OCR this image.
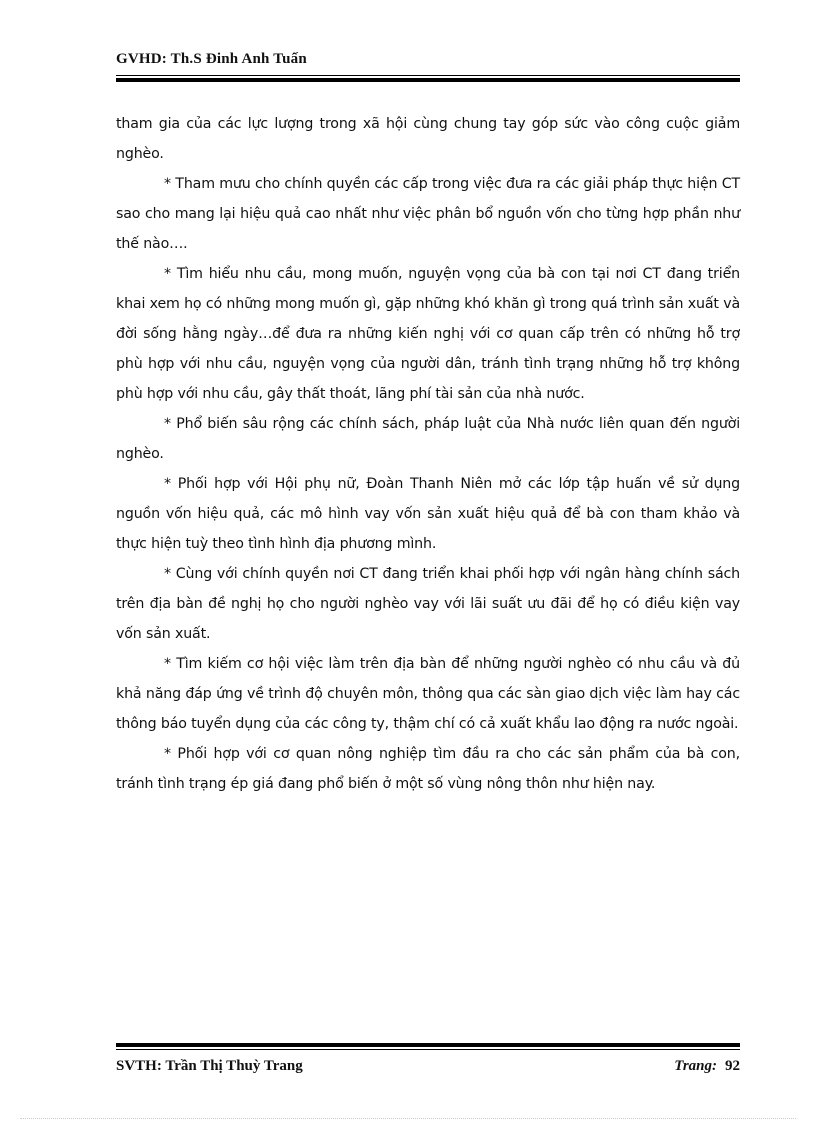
GVHD: Th.S Đinh Anh Tuấn

tham gia của các lực lượng trong xã hội cùng chung tay góp sức vào công cuộc giảm nghèo.

* Tham mưu cho chính quyền các cấp trong việc đưa ra các giải pháp thực hiện CT sao cho mang lại hiệu quả cao nhất như việc phân bổ nguồn vốn cho từng hợp phần như thế nào….

* Tìm hiểu nhu cầu, mong muốn, nguyện vọng của bà con tại nơi CT đang triển khai xem họ có những mong muốn gì, gặp những khó khăn gì trong quá trình sản xuất và đời sống hằng ngày…để đưa ra những kiến nghị với cơ quan cấp trên có những hỗ trợ phù hợp với nhu cầu, nguyện vọng của người dân, tránh tình trạng những hỗ trợ không phù hợp với nhu cầu, gây thất thoát, lãng phí tài sản của nhà nước.

* Phổ biến sâu rộng các chính sách, pháp luật của Nhà nước liên quan đến người nghèo.

* Phối hợp với Hội phụ nữ, Đoàn Thanh Niên mở các lớp tập huấn về sử dụng nguồn vốn hiệu quả, các mô hình vay vốn sản xuất hiệu quả để bà con tham khảo và thực hiện tuỳ theo tình hình địa phương mình.

* Cùng với chính quyền nơi CT đang triển khai phối hợp với ngân hàng chính sách trên địa bàn đề nghị họ cho người nghèo vay với lãi suất ưu đãi để họ có điều kiện vay vốn sản xuất.

* Tìm kiếm cơ hội việc làm trên địa bàn để những người nghèo có nhu cầu và đủ khả năng đáp ứng về trình độ chuyên môn, thông qua các sàn giao dịch việc làm hay các thông báo tuyển dụng của các công ty, thậm chí có cả xuất khẩu lao động ra nước ngoài.

* Phối hợp với cơ quan nông nghiệp tìm đầu ra cho các sản phẩm của bà con, tránh tình trạng ép giá đang phổ biến ở một số vùng nông thôn như hiện nay.

SVTH: Trần Thị Thuỳ Trang	Trang: 92
